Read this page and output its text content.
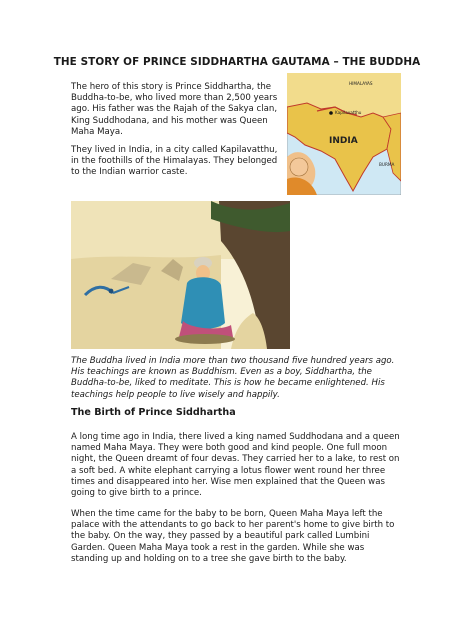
THE STORY OF PRINCE SIDDHARTHA GAUTAMA – THE BUDDHA
HIMALAYAS
Kapilavatthu
INDIA
BURMA

The hero of this story is Prince Siddhartha, the Buddha-to-be, who lived more than 2,500 years ago. His father was the Rajah of the Sakya clan, King Suddhodana, and his mother was Queen Maha Maya.

They lived in India, in a city called Kapilavatthu, in the foothills of the Himalayas. They belonged to the Indian warrior caste.

The Buddha lived in India more than two thousand five hundred years ago. His teachings are known as Buddhism. Even as a boy, Siddhartha, the Buddha-to-be, liked to meditate. This is how he became enlightened. His teachings help people to live wisely and happily.

The Birth of Prince Siddhartha

A long time ago in India, there lived a king named Suddhodana and a queen named Maha Maya. They were both good and kind people. One full moon night, the Queen dreamt of four devas. They carried her to a lake, to rest on a soft bed. A white elephant carrying a lotus flower went round her three times and disappeared into her. Wise men explained that the Queen was going to give birth to a prince.

When the time came for the baby to be born, Queen Maha Maya left the palace with the attendants to go back to her parent's home to give birth to the baby. On the way, they passed by a beautiful park called Lumbini Garden. Queen Maha Maya took a rest in the garden. While she was standing up and holding on to a tree she gave birth to the baby.
